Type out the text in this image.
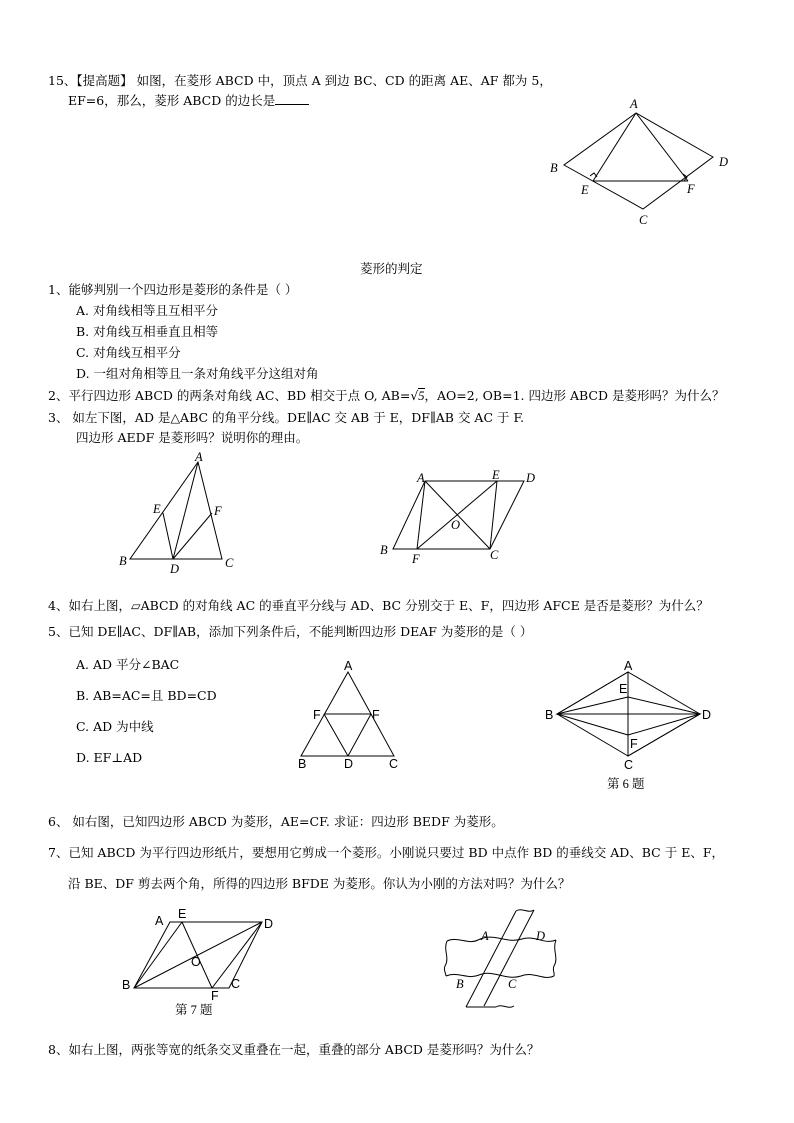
15、【提高题】 如图，在菱形 ABCD 中，顶点 A 到边 BC、CD 的距离 AE、AF 都为 5，
EF=6，那么，菱形 ABCD 的边长是	A
B
C
D
E	F
菱形的判定
1、能够判别一个四边形是菱形的条件是（ ）
A. 对角线相等且互相平分
B. 对角线互相垂直且相等
C. 对角线互相平分
D. 一组对角相等且一条对角线平分这组对角
2、平行四边形 ABCD 的两条对角线 AC、BD 相交于点 O, AB=√5，AO=2, OB=1. 四边形 ABCD 是菱形吗？为什么？
3、 如左下图，AD 是△ABC 的角平分线。DE∥AC 交 AB 于 E，DF∥AB 交 AC 于 F.
四边形 AEDF 是菱形吗？说明你的理由。
A
B	C
D
E	F
A
B	C
D
E
F
O
4、如右上图，▱ABCD 的对角线 AC 的垂直平分线与 AD、BC 分别交于 E、F，四边形 AFCE 是否是菱形？为什么？
5、已知 DE∥AC、DF∥AB，添加下列条件后，不能判断四边形 DEAF 为菱形的是（ ）
A. AD 平分∠BAC
B. AB=AC=且 BD=CD
C. AD 为中线
D. EF⊥AD
A
B	D	C
F	F
A
B
C
D
E
F
第 6 题
6、 如右图，已知四边形 ABCD 为菱形，AE=CF. 求证：四边形 BEDF 为菱形。
7、已知 ABCD 为平行四边形纸片，要想用它剪成一个菱形。小刚说只要过 BD 中点作 BD 的垂线交 AD、BC 于 E、F，
沿 BE、DF 剪去两个角，所得的四边形 BFDE 为菱形。你认为小刚的方法对吗？为什么？
A E
D
B
O
F
C
第 7 题
A	D
B	C
8、如右上图，两张等宽的纸条交叉重叠在一起，重叠的部分 ABCD 是菱形吗？为什么？
